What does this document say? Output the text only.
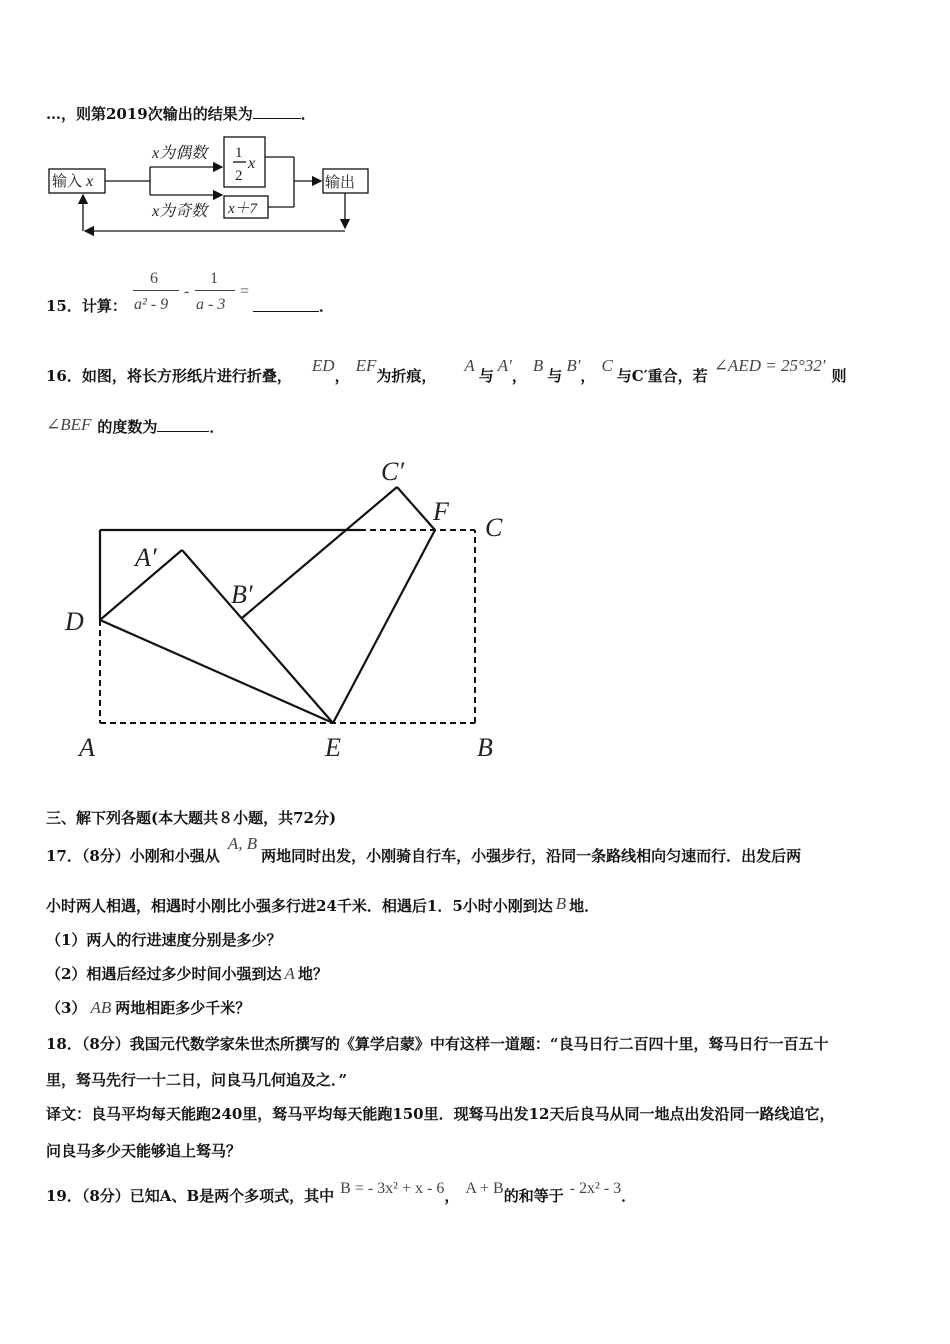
…，则第2019次输出的结果为	．
输入 x
x为偶数
x为奇数
1
2
x
x＋7
输出
15．计算：
6
a² - 9
-
1
a - 3
=
．
16．如图，将长方形纸片进行折叠，ED，EF为折痕，A与A′，B与B′，C与C′重合，若∠AED = 25°32′则
∠BEF 的度数为	．
C′
F
C
A′
B′
D
A	E	B
三、解下列各题(本大题共８小题，共72分)
17．（8分）小刚和小强从A, B两地同时出发，小刚骑自行车，小强步行，沿同一条路线相向匀速而行．出发后两
小时两人相遇，相遇时小刚比小强多行进24千米．相遇后1．5小时小刚到达 B 地．
（1）两人的行进速度分别是多少？
（2）相遇后经过多少时间小强到达 A 地？
（3） AB 两地相距多少千米？
18．（8分）我国元代数学家朱世杰所撰写的《算学启蒙》中有这样一道题：“良马日行二百四十里，驽马日行一百五十
里，驽马先行一十二日，问良马几何追及之．”
译文：良马平均每天能跑240里，驽马平均每天能跑150里．现驽马出发12天后良马从同一地点出发沿同一路线追它，
问良马多少天能够追上驽马？
19．（8分）已知A、B是两个多项式，其中 B = - 3x² + x - 6， A + B的和等于 - 2x² - 3．
